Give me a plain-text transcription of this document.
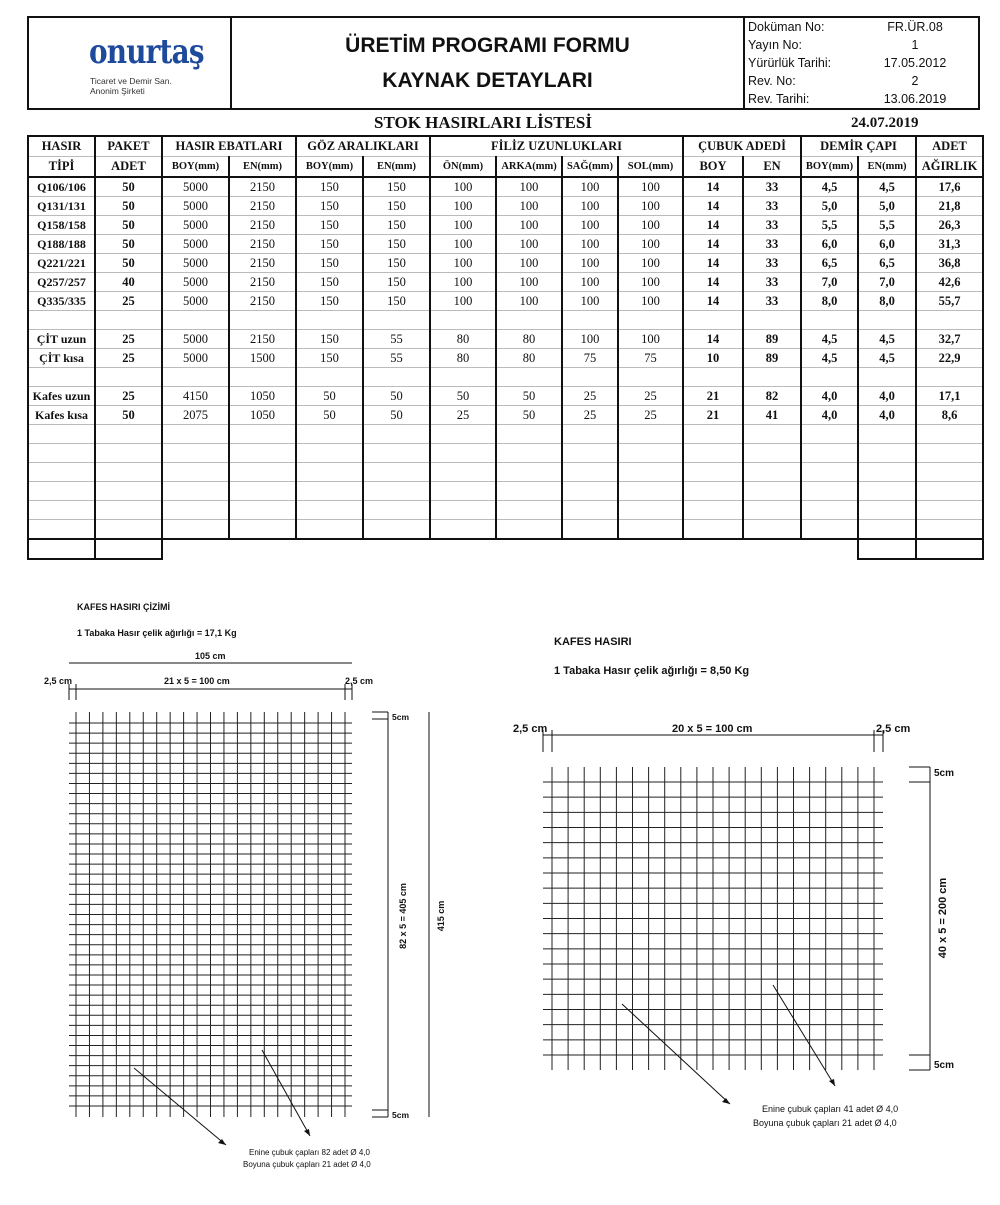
onurtaş
Ticaret ve Demir San.
Anonim Şirketi
ÜRETİM PROGRAMI FORMU
KAYNAK DETAYLARI
Doküman No:	FR.ÜR.08
Yayın No:	1
Yürürlük Tarihi:	17.05.2012
Rev. No:	2
Rev. Tarihi:	13.06.2019
STOK HASIRLARI LİSTESİ	24.07.2019
HASIR	PAKET	HASIR EBATLARI		GÖZ ARALIKLARI		FİLİZ UZUNLUKLARI				ÇUBUK ADEDİ		DEMİR ÇAPI		ADET
TİPİ	ADET	BOY(mm)	EN(mm)	BOY(mm)	EN(mm)	ÖN(mm)	ARKA(mm)	SAĞ(mm)	SOL(mm)	BOY	EN	BOY(mm)	EN(mm)	AĞIRLIK
Q106/106	50	5000	2150	150	150	100	100	100	100	14	33	4,5	4,5	17,6
Q131/131	50	5000	2150	150	150	100	100	100	100	14	33	5,0	5,0	21,8
Q158/158	50	5000	2150	150	150	100	100	100	100	14	33	5,5	5,5	26,3
Q188/188	50	5000	2150	150	150	100	100	100	100	14	33	6,0	6,0	31,3
Q221/221	50	5000	2150	150	150	100	100	100	100	14	33	6,5	6,5	36,8
Q257/257	40	5000	2150	150	150	100	100	100	100	14	33	7,0	7,0	42,6
Q335/335	25	5000	2150	150	150	100	100	100	100	14	33	8,0	8,0	55,7

ÇİT uzun	25	5000	2150	150	55	80	80	100	100	14	89	4,5	4,5	32,7
ÇİT kısa	25	5000	1500	150	55	80	80	75	75	10	89	4,5	4,5	22,9

Kafes uzun	25	4150	1050	50	50	50	50	25	25	21	82	4,0	4,0	17,1
Kafes kısa	50	2075	1050	50	50	25	50	25	25	21	41	4,0	4,0	8,6

KAFES HASIRI ÇİZİMİ
1 Tabaka Hasır çelik ağırlığı = 17,1 Kg
105 cm
2,5 cm	21 x 5 = 100 cm	2,5 cm
5cm
5cm
82 x 5 = 405 cm	415 cm
Enine çubuk çapları 82 adet Ø 4,0
Boyuna çubuk çapları 21 adet Ø 4,0
KAFES HASIRI
1 Tabaka Hasır çelik ağırlığı = 8,50 Kg
2,5 cm	20 x 5 = 100 cm	2,5 cm
5cm
5cm
40 x 5 = 200 cm
Enine çubuk çapları 41 adet Ø 4,0
Boyuna çubuk çapları 21 adet Ø 4,0
